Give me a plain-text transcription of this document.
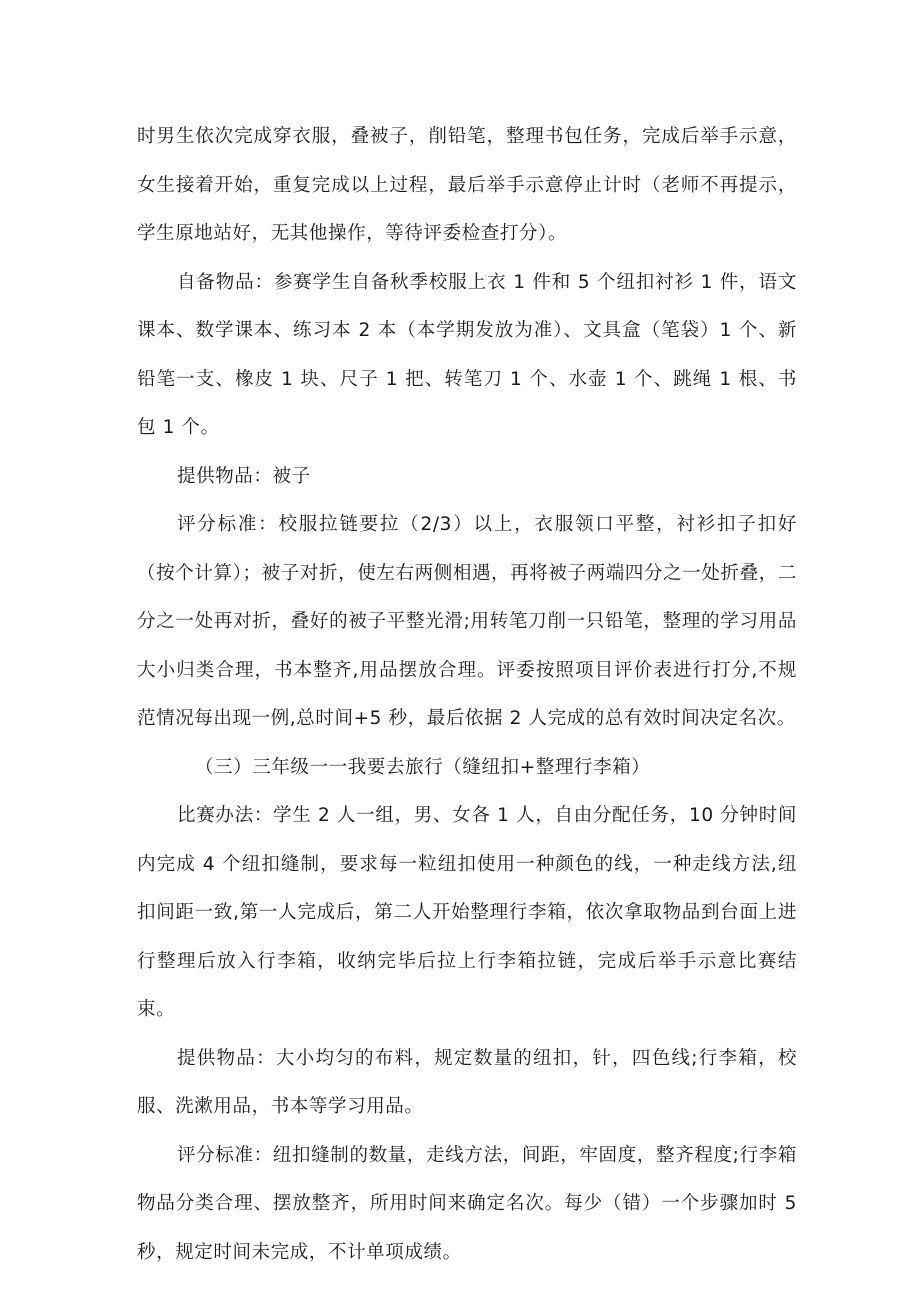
时男生依次完成穿衣服，叠被子，削铅笔，整理书包任务，完成后举手示意，女生接着开始，重复完成以上过程，最后举手示意停止计时（老师不再提示，学生原地站好，无其他操作，等待评委检查打分）。

自备物品：参赛学生自备秋季校服上衣 1 件和 5 个纽扣衬衫 1 件，语文课本、数学课本、练习本 2 本（本学期发放为准）、文具盒（笔袋）1 个、新铅笔一支、橡皮 1 块、尺子 1 把、转笔刀 1 个、水壶 1 个、跳绳 1 根、书包 1 个。

提供物品：被子

评分标准：校服拉链要拉（2/3）以上，衣服领口平整，衬衫扣子扣好（按个计算）；被子对折，使左右两侧相遇，再将被子两端四分之一处折叠，二分之一处再对折，叠好的被子平整光滑;用转笔刀削一只铅笔，整理的学习用品大小归类合理，书本整齐,用品摆放合理。评委按照项目评价表进行打分,不规范情况每出现一例,总时间+5 秒，最后依据 2 人完成的总有效时间决定名次。

（三）三年级一一我要去旅行（缝纽扣+整理行李箱）

比赛办法：学生 2 人一组，男、女各 1 人，自由分配任务，10 分钟时间内完成 4 个纽扣缝制，要求每一粒纽扣使用一种颜色的线，一种走线方法,纽扣间距一致,第一人完成后，第二人开始整理行李箱，依次拿取物品到台面上进行整理后放入行李箱，收纳完毕后拉上行李箱拉链，完成后举手示意比赛结束。

提供物品：大小均匀的布料，规定数量的纽扣，针，四色线;行李箱，校服、洗漱用品，书本等学习用品。

评分标准：纽扣缝制的数量，走线方法，间距，牢固度，整齐程度;行李箱物品分类合理、摆放整齐，所用时间来确定名次。每少（错）一个步骤加时 5 秒，规定时间未完成，不计单项成绩。
